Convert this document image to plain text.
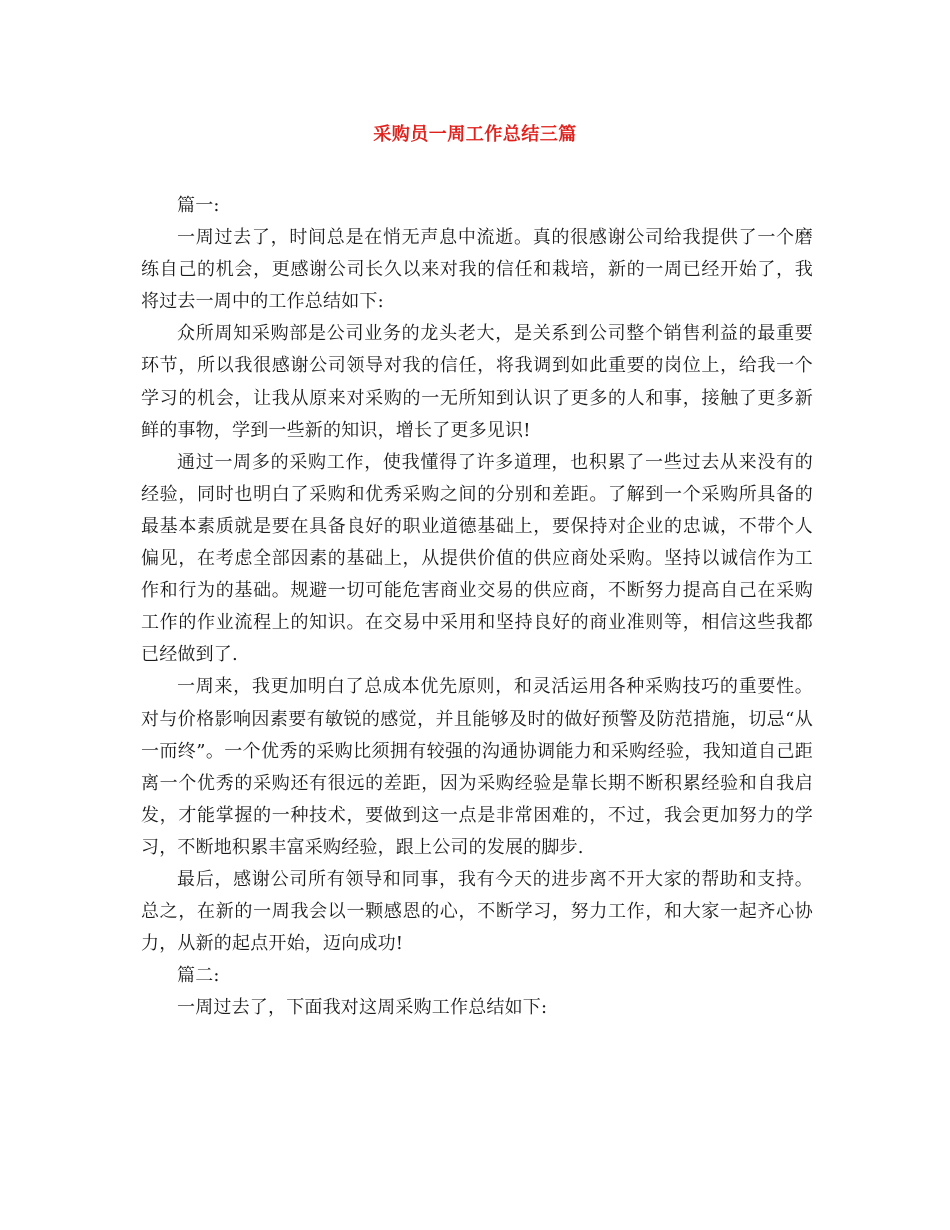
采购员一周工作总结三篇

篇一:

一周过去了，时间总是在悄无声息中流逝。真的很感谢公司给我提供了一个磨练自己的机会，更感谢公司长久以来对我的信任和栽培，新的一周已经开始了，我将过去一周中的工作总结如下:

众所周知采购部是公司业务的龙头老大，是关系到公司整个销售利益的最重要环节，所以我很感谢公司领导对我的信任，将我调到如此重要的岗位上，给我一个学习的机会，让我从原来对采购的一无所知到认识了更多的人和事，接触了更多新鲜的事物，学到一些新的知识，增长了更多见识!

通过一周多的采购工作，使我懂得了许多道理，也积累了一些过去从来没有的经验，同时也明白了采购和优秀采购之间的分别和差距。了解到一个采购所具备的最基本素质就是要在具备良好的职业道德基础上，要保持对企业的忠诚，不带个人偏见，在考虑全部因素的基础上，从提供价值的供应商处采购。坚持以诚信作为工作和行为的基础。规避一切可能危害商业交易的供应商，不断努力提高自己在采购工作的作业流程上的知识。在交易中采用和坚持良好的商业准则等，相信这些我都已经做到了.

一周来，我更加明白了总成本优先原则，和灵活运用各种采购技巧的重要性。对与价格影响因素要有敏锐的感觉，并且能够及时的做好预警及防范措施，切忌“从一而终”。一个优秀的采购比须拥有较强的沟通协调能力和采购经验，我知道自己距离一个优秀的采购还有很远的差距，因为采购经验是靠长期不断积累经验和自我启发，才能掌握的一种技术，要做到这一点是非常困难的，不过，我会更加努力的学习，不断地积累丰富采购经验，跟上公司的发展的脚步.

最后，感谢公司所有领导和同事，我有今天的进步离不开大家的帮助和支持。总之，在新的一周我会以一颗感恩的心，不断学习，努力工作，和大家一起齐心协力，从新的起点开始，迈向成功!

篇二:

一周过去了，下面我对这周采购工作总结如下:
